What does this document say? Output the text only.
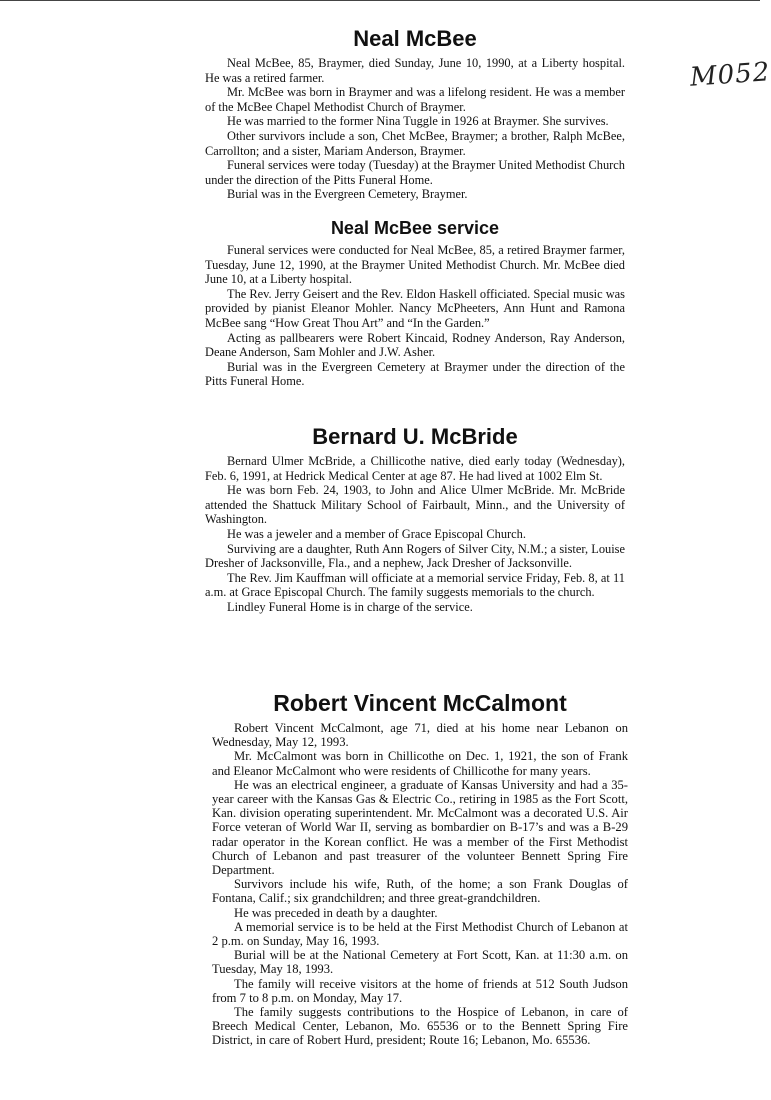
M052
Neal McBee

Neal McBee, 85, Braymer, died Sunday, June 10, 1990, at a Liberty hospital. He was a retired farmer.

Mr. McBee was born in Braymer and was a lifelong resident. He was a member of the McBee Chapel Methodist Church of Braymer.

He was married to the former Nina Tuggle in 1926 at Braymer. She survives.

Other survivors include a son, Chet McBee, Braymer; a brother, Ralph McBee, Carrollton; and a sister, Mariam Anderson, Braymer.

Funeral services were today (Tuesday) at the Braymer United Methodist Church under the direction of the Pitts Funeral Home.

Burial was in the Evergreen Cemetery, Braymer.

Neal McBee service

Funeral services were conducted for Neal McBee, 85, a retired Braymer farmer, Tuesday, June 12, 1990, at the Braymer United Methodist Church. Mr. McBee died June 10, at a Liberty hospital.

The Rev. Jerry Geisert and the Rev. Eldon Haskell officiated. Special music was provided by pianist Eleanor Mohler. Nancy McPheeters, Ann Hunt and Ramona McBee sang “How Great Thou Art” and “In the Garden.”

Acting as pallbearers were Robert Kincaid, Rodney Anderson, Ray Anderson, Deane Anderson, Sam Mohler and J.W. Asher.

Burial was in the Evergreen Cemetery at Braymer under the direction of the Pitts Funeral Home.

Bernard U. McBride

Bernard Ulmer McBride, a Chillicothe native, died early today (Wednesday), Feb. 6, 1991, at Hedrick Medical Center at age 87. He had lived at 1002 Elm St.

He was born Feb. 24, 1903, to John and Alice Ulmer McBride. Mr. McBride attended the Shattuck Military School of Fairbault, Minn., and the University of Washington.

He was a jeweler and a member of Grace Episcopal Church.

Surviving are a daughter, Ruth Ann Rogers of Silver City, N.M.; a sister, Louise Dresher of Jacksonville, Fla., and a nephew, Jack Dresher of Jacksonville.

The Rev. Jim Kauffman will officiate at a memorial service Friday, Feb. 8, at 11 a.m. at Grace Episcopal Church. The family suggests memorials to the church.

Lindley Funeral Home is in charge of the service.

Robert Vincent McCalmont

Robert Vincent McCalmont, age 71, died at his home near Lebanon on Wednesday, May 12, 1993.

Mr. McCalmont was born in Chillicothe on Dec. 1, 1921, the son of Frank and Eleanor McCalmont who were residents of Chillicothe for many years.

He was an electrical engineer, a graduate of Kansas University and had a 35-year career with the Kansas Gas & Electric Co., retiring in 1985 as the Fort Scott, Kan. division operating superintendent. Mr. McCalmont was a decorated U.S. Air Force veteran of World War II, serving as bombardier on B-17’s and was a B-29 radar operator in the Korean conflict. He was a member of the First Methodist Church of Lebanon and past treasurer of the volunteer Bennett Spring Fire Department.

Survivors include his wife, Ruth, of the home; a son Frank Douglas of Fontana, Calif.; six grandchildren; and three great-grandchildren.

He was preceded in death by a daughter.

A memorial service is to be held at the First Methodist Church of Lebanon at 2 p.m. on Sunday, May 16, 1993.

Burial will be at the National Cemetery at Fort Scott, Kan. at 11:30 a.m. on Tuesday, May 18, 1993.

The family will receive visitors at the home of friends at 512 South Judson from 7 to 8 p.m. on Monday, May 17.

The family suggests contributions to the Hospice of Lebanon, in care of Breech Medical Center, Lebanon, Mo. 65536 or to the Bennett Spring Fire District, in care of Robert Hurd, president; Route 16; Lebanon, Mo. 65536.
